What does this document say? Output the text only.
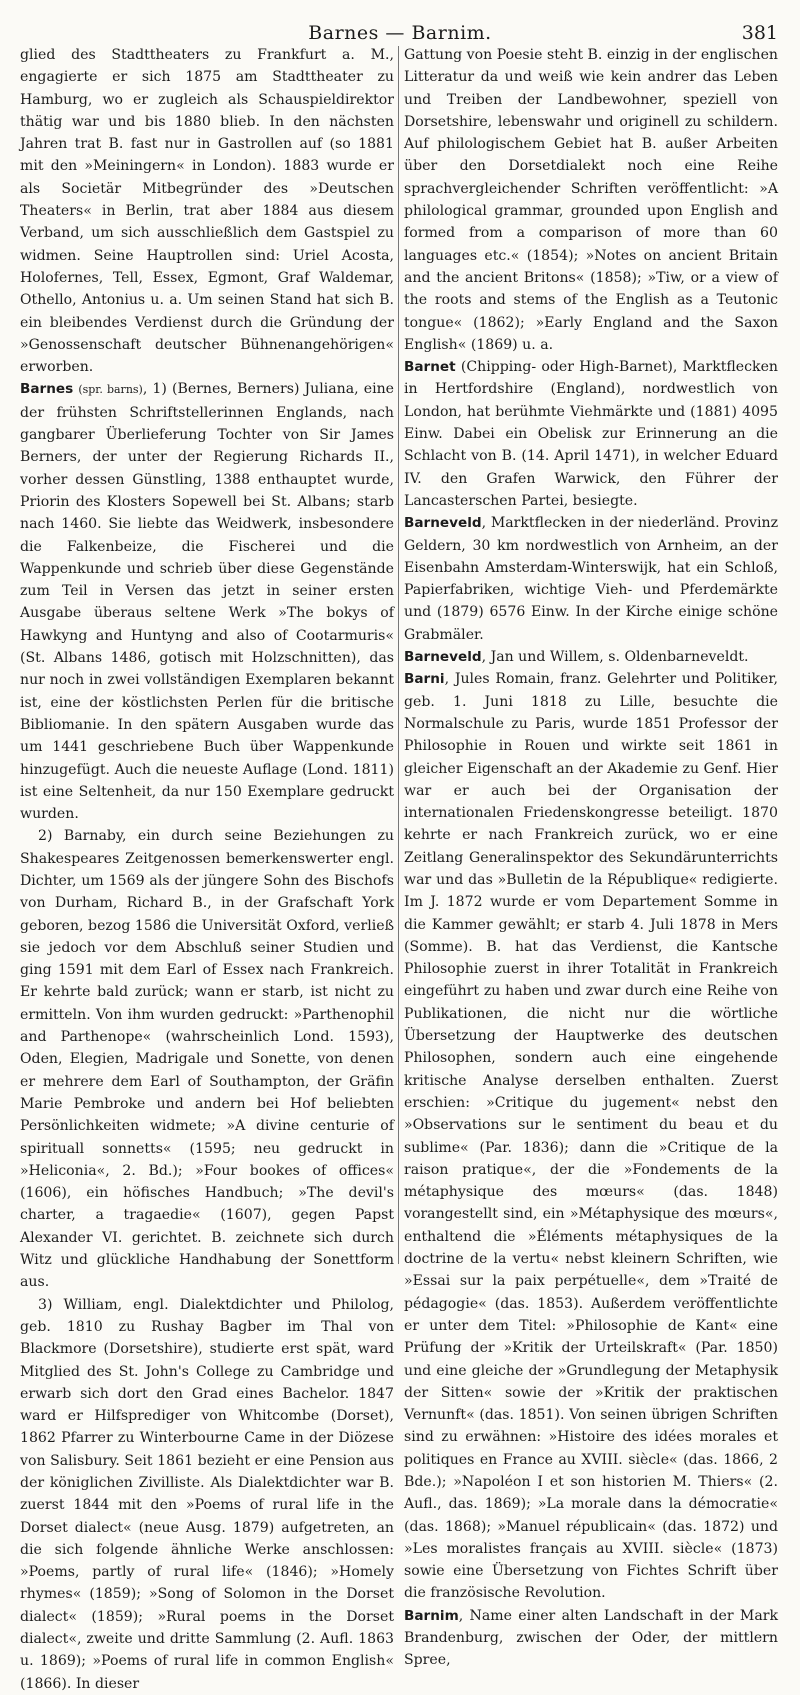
Barnes — Barnim.	381

glied des Stadttheaters zu Frankfurt a. M., engagierte er sich 1875 am Stadttheater zu Hamburg, wo er zugleich als Schauspieldirektor thätig war und bis 1880 blieb. In den nächsten Jahren trat B. fast nur in Gastrollen auf (so 1881 mit den »Meiningern« in London). 1883 wurde er als Societär Mitbegründer des »Deutschen Theaters« in Berlin, trat aber 1884 aus diesem Verband, um sich ausschließlich dem Gastspiel zu widmen. Seine Hauptrollen sind: Uriel Acosta, Holofernes, Tell, Essex, Egmont, Graf Waldemar, Othello, Antonius u. a. Um seinen Stand hat sich B. ein bleibendes Verdienst durch die Gründung der »Genossenschaft deutscher Bühnenangehörigen« erworben.

Barnes (spr. barns), 1) (Bernes, Berners) Juliana, eine der frühsten Schriftstellerinnen Englands, nach gangbarer Überlieferung Tochter von Sir James Berners, der unter der Regierung Richards II., vorher dessen Günstling, 1388 enthauptet wurde, Priorin des Klosters Sopewell bei St. Albans; starb nach 1460. Sie liebte das Weidwerk, insbesondere die Falkenbeize, die Fischerei und die Wappenkunde und schrieb über diese Gegenstände zum Teil in Versen das jetzt in seiner ersten Ausgabe überaus seltene Werk »The bokys of Hawkyng and Huntyng and also of Cootarmuris« (St. Albans 1486, gotisch mit Holzschnitten), das nur noch in zwei vollständigen Exemplaren bekannt ist, eine der köstlichsten Perlen für die britische Bibliomanie. In den spätern Ausgaben wurde das um 1441 geschriebene Buch über Wappenkunde hinzugefügt. Auch die neueste Auflage (Lond. 1811) ist eine Seltenheit, da nur 150 Exemplare gedruckt wurden.

2) Barnaby, ein durch seine Beziehungen zu Shakespeares Zeitgenossen bemerkenswerter engl. Dichter, um 1569 als der jüngere Sohn des Bischofs von Durham, Richard B., in der Grafschaft York geboren, bezog 1586 die Universität Oxford, verließ sie jedoch vor dem Abschluß seiner Studien und ging 1591 mit dem Earl of Essex nach Frankreich. Er kehrte bald zurück; wann er starb, ist nicht zu ermitteln. Von ihm wurden gedruckt: »Parthenophil and Parthenope« (wahrscheinlich Lond. 1593), Oden, Elegien, Madrigale und Sonette, von denen er mehrere dem Earl of Southampton, der Gräfin Marie Pembroke und andern bei Hof beliebten Persönlichkeiten widmete; »A divine centurie of spirituall sonnetts« (1595; neu gedruckt in »Heliconia«, 2. Bd.); »Four bookes of offices« (1606), ein höfisches Handbuch; »The devil's charter, a tragaedie« (1607), gegen Papst Alexander VI. gerichtet. B. zeichnete sich durch Witz und glückliche Handhabung der Sonettform aus.

3) William, engl. Dialektdichter und Philolog, geb. 1810 zu Rushay Bagber im Thal von Blackmore (Dorsetshire), studierte erst spät, ward Mitglied des St. John's College zu Cambridge und erwarb sich dort den Grad eines Bachelor. 1847 ward er Hilfsprediger von Whitcombe (Dorset), 1862 Pfarrer zu Winterbourne Came in der Diözese von Salisbury. Seit 1861 bezieht er eine Pension aus der königlichen Zivilliste. Als Dialektdichter war B. zuerst 1844 mit den »Poems of rural life in the Dorset dialect« (neue Ausg. 1879) aufgetreten, an die sich folgende ähnliche Werke anschlossen: »Poems, partly of rural life« (1846); »Homely rhymes« (1859); »Song of Solomon in the Dorset dialect« (1859); »Rural poems in the Dorset dialect«, zweite und dritte Sammlung (2. Aufl. 1863 u. 1869); »Poems of rural life in common English« (1866). In dieser

Gattung von Poesie steht B. einzig in der englischen Litteratur da und weiß wie kein andrer das Leben und Treiben der Landbewohner, speziell von Dorsetshire, lebenswahr und originell zu schildern. Auf philologischem Gebiet hat B. außer Arbeiten über den Dorsetdialekt noch eine Reihe sprachvergleichender Schriften veröffentlicht: »A philological grammar, grounded upon English and formed from a comparison of more than 60 languages etc.« (1854); »Notes on ancient Britain and the ancient Britons« (1858); »Tiw, or a view of the roots and stems of the English as a Teutonic tongue« (1862); »Early England and the Saxon English« (1869) u. a.

Barnet (Chipping- oder High-Barnet), Marktflecken in Hertfordshire (England), nordwestlich von London, hat berühmte Viehmärkte und (1881) 4095 Einw. Dabei ein Obelisk zur Erinnerung an die Schlacht von B. (14. April 1471), in welcher Eduard IV. den Grafen Warwick, den Führer der Lancasterschen Partei, besiegte.

Barneveld, Marktflecken in der niederländ. Provinz Geldern, 30 km nordwestlich von Arnheim, an der Eisenbahn Amsterdam-Winterswijk, hat ein Schloß, Papierfabriken, wichtige Vieh- und Pferdemärkte und (1879) 6576 Einw. In der Kirche einige schöne Grabmäler.

Barneveld, Jan und Willem, s. Oldenbarneveldt.

Barni, Jules Romain, franz. Gelehrter und Politiker, geb. 1. Juni 1818 zu Lille, besuchte die Normalschule zu Paris, wurde 1851 Professor der Philosophie in Rouen und wirkte seit 1861 in gleicher Eigenschaft an der Akademie zu Genf. Hier war er auch bei der Organisation der internationalen Friedenskongresse beteiligt. 1870 kehrte er nach Frankreich zurück, wo er eine Zeitlang Generalinspektor des Sekundärunterrichts war und das »Bulletin de la République« redigierte. Im J. 1872 wurde er vom Departement Somme in die Kammer gewählt; er starb 4. Juli 1878 in Mers (Somme). B. hat das Verdienst, die Kantsche Philosophie zuerst in ihrer Totalität in Frankreich eingeführt zu haben und zwar durch eine Reihe von Publikationen, die nicht nur die wörtliche Übersetzung der Hauptwerke des deutschen Philosophen, sondern auch eine eingehende kritische Analyse derselben enthalten. Zuerst erschien: »Critique du jugement« nebst den »Observations sur le sentiment du beau et du sublime« (Par. 1836); dann die »Critique de la raison pratique«, der die »Fondements de la métaphysique des mœurs« (das. 1848) vorangestellt sind, ein »Métaphysique des mœurs«, enthaltend die »Éléments métaphysiques de la doctrine de la vertu« nebst kleinern Schriften, wie »Essai sur la paix perpétuelle«, dem »Traité de pédagogie« (das. 1853). Außerdem veröffentlichte er unter dem Titel: »Philosophie de Kant« eine Prüfung der »Kritik der Urteilskraft« (Par. 1850) und eine gleiche der »Grundlegung der Metaphysik der Sitten« sowie der »Kritik der praktischen Vernunft« (das. 1851). Von seinen übrigen Schriften sind zu erwähnen: »Histoire des idées morales et politiques en France au XVIII. siècle« (das. 1866, 2 Bde.); »Napoléon I et son historien M. Thiers« (2. Aufl., das. 1869); »La morale dans la démocratie« (das. 1868); »Manuel républicain« (das. 1872) und »Les moralistes français au XVIII. siècle« (1873) sowie eine Übersetzung von Fichtes Schrift über die französische Revolution.

Barnim, Name einer alten Landschaft in der Mark Brandenburg, zwischen der Oder, der mittlern Spree,
